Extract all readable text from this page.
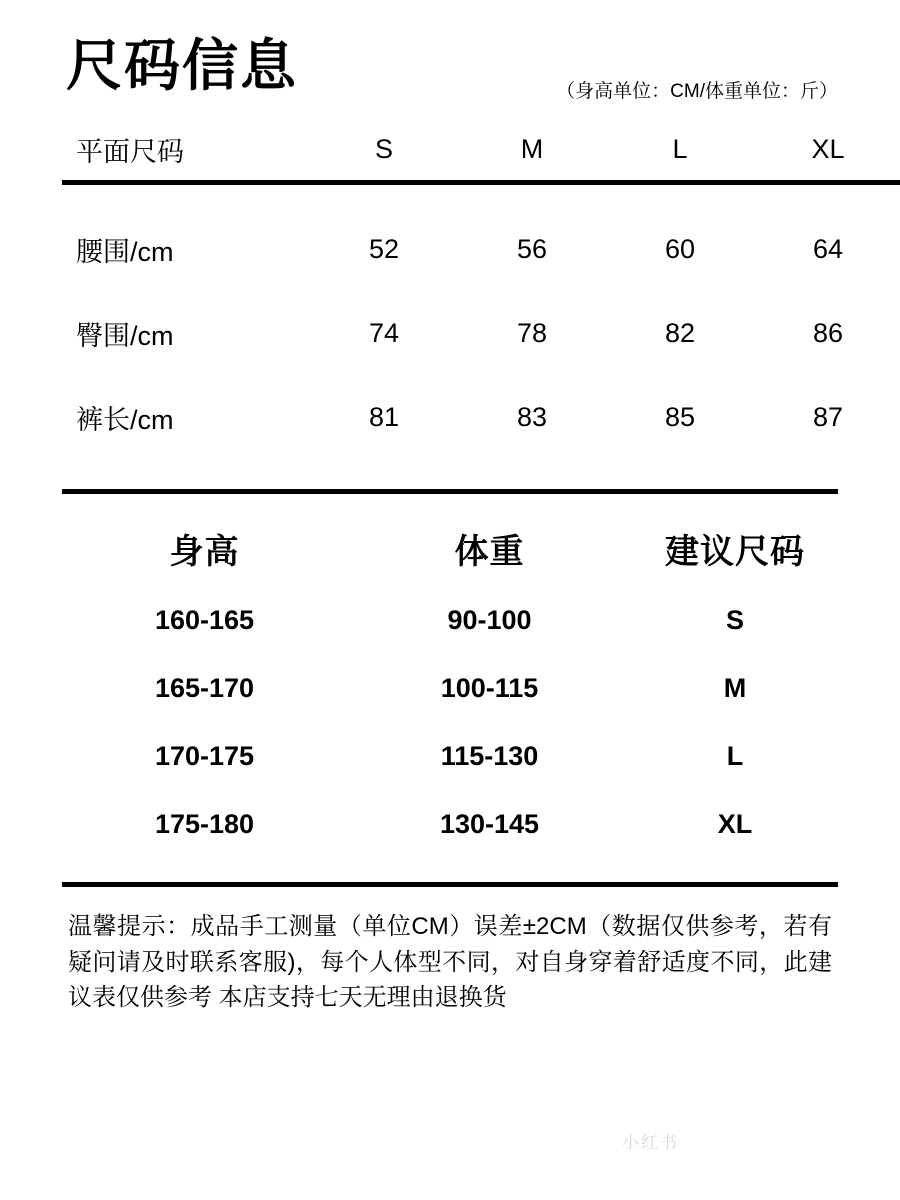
尺码信息	（身高单位：CM/体重单位：斤）
平面尺码	S	M	L	XL

腰围/cm	52	56	60	64
臀围/cm	74	78	82	86
裤长/cm	81	83	85	87
身高	体重	建议尺码
160-165	90-100	S
165-170	100-115	M
170-175	115-130	L
175-180	130-145	XL
温馨提示：成品手工测量（单位CM）误差±2CM（数据仅供参考，若有疑问请及时联系客服)，每个人体型不同，对自身穿着舒适度不同，此建议表仅供参考 本店支持七天无理由退换货
小红书
